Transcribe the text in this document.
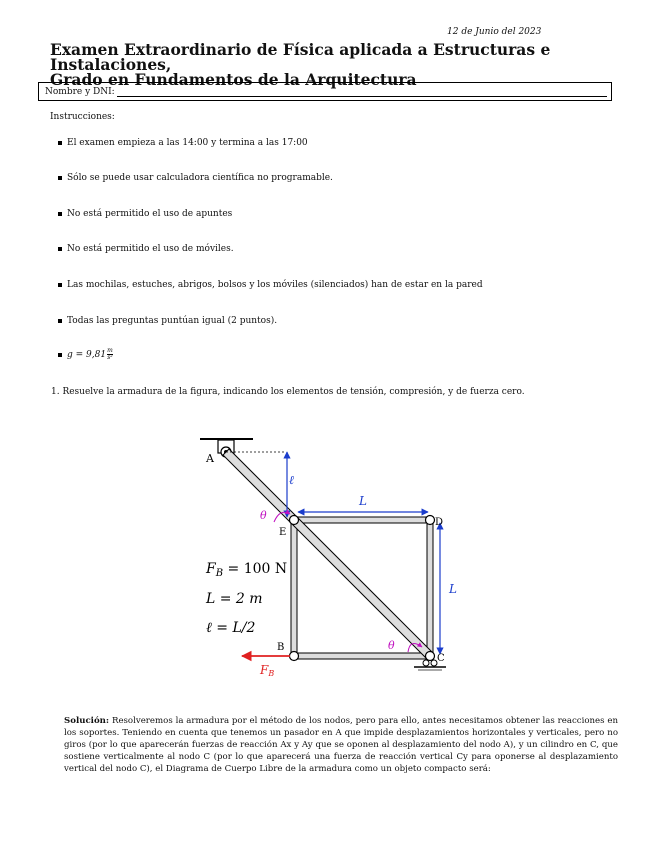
12 de Junio del 2023
Examen Extraordinario de Física aplicada a Estructuras e Instalaciones,
Grado en Fundamentos de la Arquitectura
Nombre y DNI:
Instrucciones:
El examen empieza a las 14:00 y termina a las 17:00
Sólo se puede usar calculadora científica no programable.
No está permitido el uso de apuntes
No está permitido el uso de móviles.
Las mochilas, estuches, abrigos, bolsos y los móviles (silenciados) han de estar en la pared
Todas las preguntas puntúan igual (2 puntos).
g = 9,81 m
s²
1. Resuelve la armadura de la figura, indicando los elementos de tensión, compresión, y de fuerza cero.
A
E
D
B
C
ℓ
L
L
θ
θ
$F_B = 100$ N
L = 2 m
ℓ = L/2
FB
Solución: Resolveremos la armadura por el método de los nodos, pero para ello, antes necesitamos obtener las reacciones en los soportes. Teniendo en cuenta que tenemos un pasador en A que impide desplazamientos horizontales y verticales, pero no giros (por lo que aparecerán fuerzas de reacción Ax y Ay que se oponen al desplazamiento del nodo A), y un cilindro en C, que sostiene verticalmente al nodo C (por lo que aparecerá una fuerza de reacción vertical Cy para oponerse al desplazamiento vertical del nodo C), el Diagrama de Cuerpo Libre de la armadura como un objeto compacto será:
